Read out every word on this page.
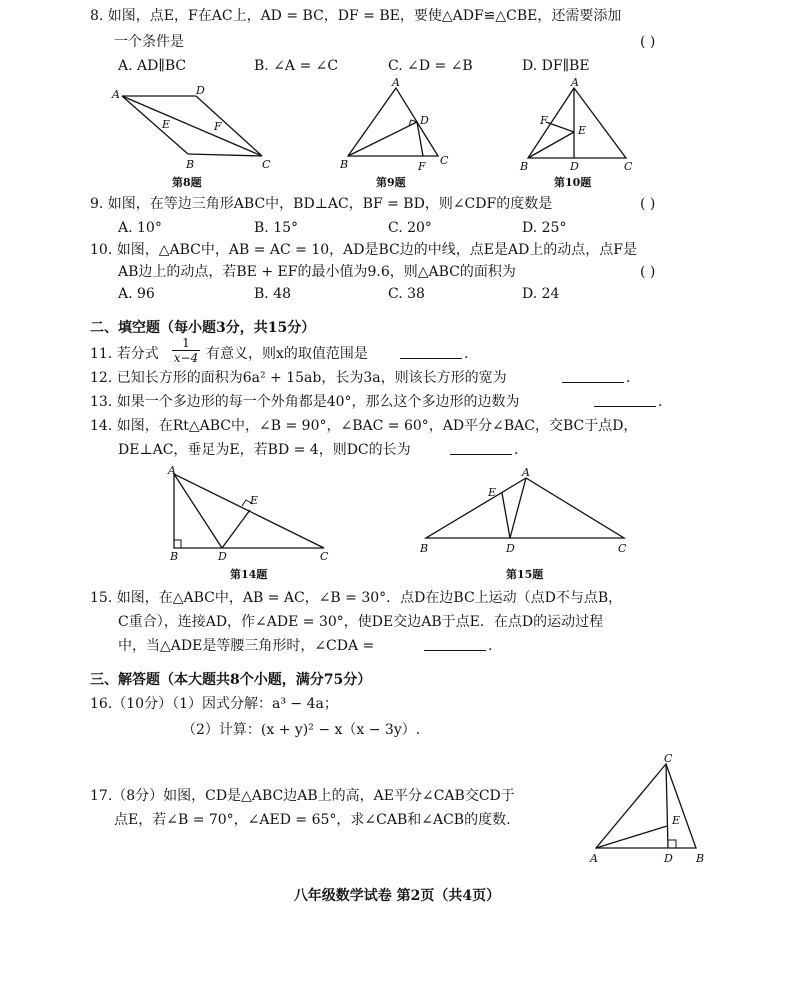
8. 如图，点E，F在AC上，AD = BC，DF = BE，要使△ADF≌△CBE，还需要添加
一个条件是	( )
A. AD∥BC	B. ∠A = ∠C	C. ∠D = ∠B	D. DF∥BE
A	D
E	F
B	C
第8题
A
D
B	F C
第9题
A
F
E
B	D	C
第10题
9. 如图，在等边三角形ABC中，BD⊥AC，BF = BD，则∠CDF的度数是	( )
A. 10°	B. 15°	C. 20°	D. 25°
10. 如图，△ABC中，AB = AC = 10，AD是BC边的中线，点E是AD上的动点，点F是
AB边上的动点，若BE + EF的最小值为9.6，则△ABC的面积为	( )
A. 96	B. 48	C. 38	D. 24
二、填空题（每小题3分，共15分）
11. 若分式 $\frac{1}{x-4}$ 有意义，则x的取值范围是	.
12. 已知长方形的面积为6a² + 15ab，长为3a，则该长方形的宽为	.
13. 如果一个多边形的每一个外角都是40°，那么这个多边形的边数为	.
14. 如图，在Rt△ABC中，∠B = 90°，∠BAC = 60°，AD平分∠BAC，交BC于点D，
DE⊥AC，垂足为E，若BD = 4，则DC的长为	.
A
E
B	D	C
第14题
A
E
B	D	C
第15题
15. 如图，在△ABC中，AB = AC，∠B = 30°．点D在边BC上运动（点D不与点B，
C重合），连接AD，作∠ADE = 30°，使DE交边AB于点E．在点D的运动过程
中，当△ADE是等腰三角形时，∠CDA =	.
三、解答题（本大题共8个小题，满分75分）
16.（10分）（1）因式分解：a³ − 4a；
（2）计算：(x + y)² − x（x − 3y）.
17.（8分）如图，CD是△ABC边AB上的高，AE平分∠CAB交CD于
点E，若∠B = 70°，∠AED = 65°，求∠CAB和∠ACB的度数.
C
E
A	D B
八年级数学试卷 第2页（共4页）
